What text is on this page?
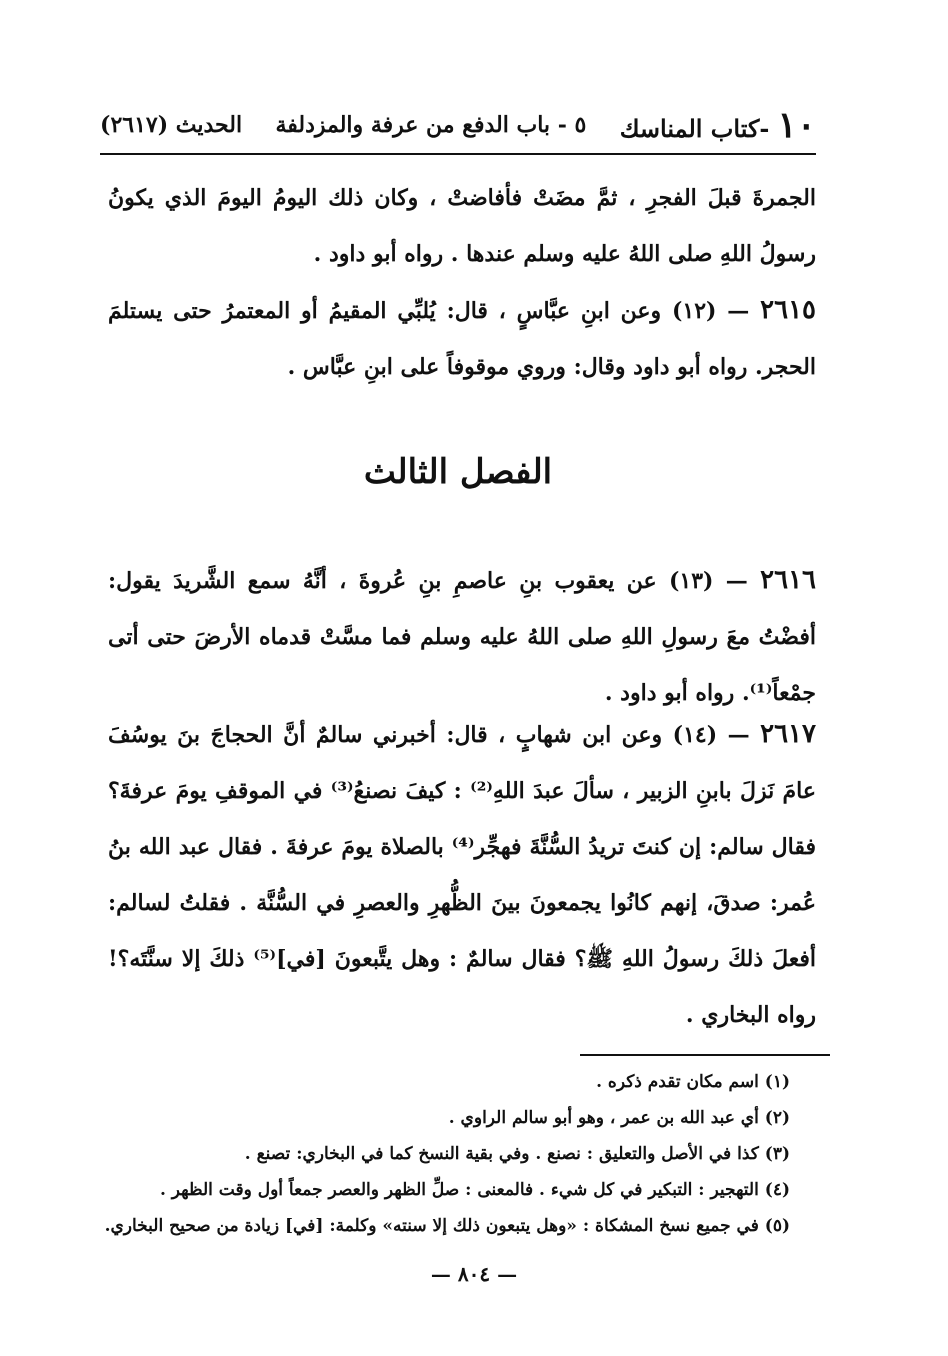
١٠-كتاب المناسك
٥ - باب الدفع من عرفة والمزدلفة
الحديث (٢٦١٧)

الجمرةَ قبلَ الفجرِ ، ثمَّ مضَتْ فأفاضتْ ، وكان ذلك اليومُ اليومَ الذي يكونُ رسولُ اللهِ صلى اللهُ عليه وسلم عندها . رواه أبو داود .

٢٦١٥ — (١٢) وعن ابنِ عبَّاسٍ ، قال: يُلبِّي المقيمُ أو المعتمرُ حتى يستلمَ الحجر. رواه أبو داود وقال: وروي موقوفاً على ابنِ عبَّاس .

الفصل الثالث

٢٦١٦ — (١٣) عن يعقوب بنِ عاصمِ بنِ عُروةَ ، أنَّهُ سمع الشَّريدَ يقول: أفضْتُ معَ رسولِ اللهِ صلى اللهُ عليه وسلم فما مسَّتْ قدماه الأرضَ حتى أتى جمْعاً⁽¹⁾. رواه أبو داود .

٢٦١٧ — (١٤) وعن ابن شهابٍ ، قال: أخبرني سالمٌ أنَّ الحجاجَ بنَ يوسُفَ عامَ نَزلَ بابنِ الزبير ، سألَ عبدَ اللهِ⁽²⁾ : كيفَ نصنعُ⁽³⁾ في الموقفِ يومَ عرفةَ؟ فقال سالم: إن كنتَ تريدُ السُّنَّةَ فهجِّر⁽⁴⁾ بالصلاة يومَ عرفةَ . فقال عبد الله بنُ عُمر: صدقَ، إنهم كانُوا يجمعونَ بينَ الظُّهرِ والعصرِ في السُّنَّة . فقلتُ لسالم: أفعلَ ذلكَ رسولُ اللهِ ﷺ؟ فقال سالمٌ : وهل يتَّبعونَ [في]⁽⁵⁾ ذلكَ إلا سنَّتَه؟! رواه البخاري .

(١) اسم مكان تقدم ذكره .
(٢) أي عبد الله بن عمر ، وهو أبو سالم الراوي .
(٣) كذا في الأصل والتعليق : نصنع . وفي بقية النسخ كما في البخاري: تصنع .
(٤) التهجير : التبكير في كل شيء . فالمعنى : صلِّ الظهر والعصر جمعاً أول وقت الظهر .
(٥) في جميع نسخ المشكاة : «وهل يتبعون ذلك إلا سنته» وكلمة: [في] زيادة من صحيح البخاري.
— ٨٠٤ —
